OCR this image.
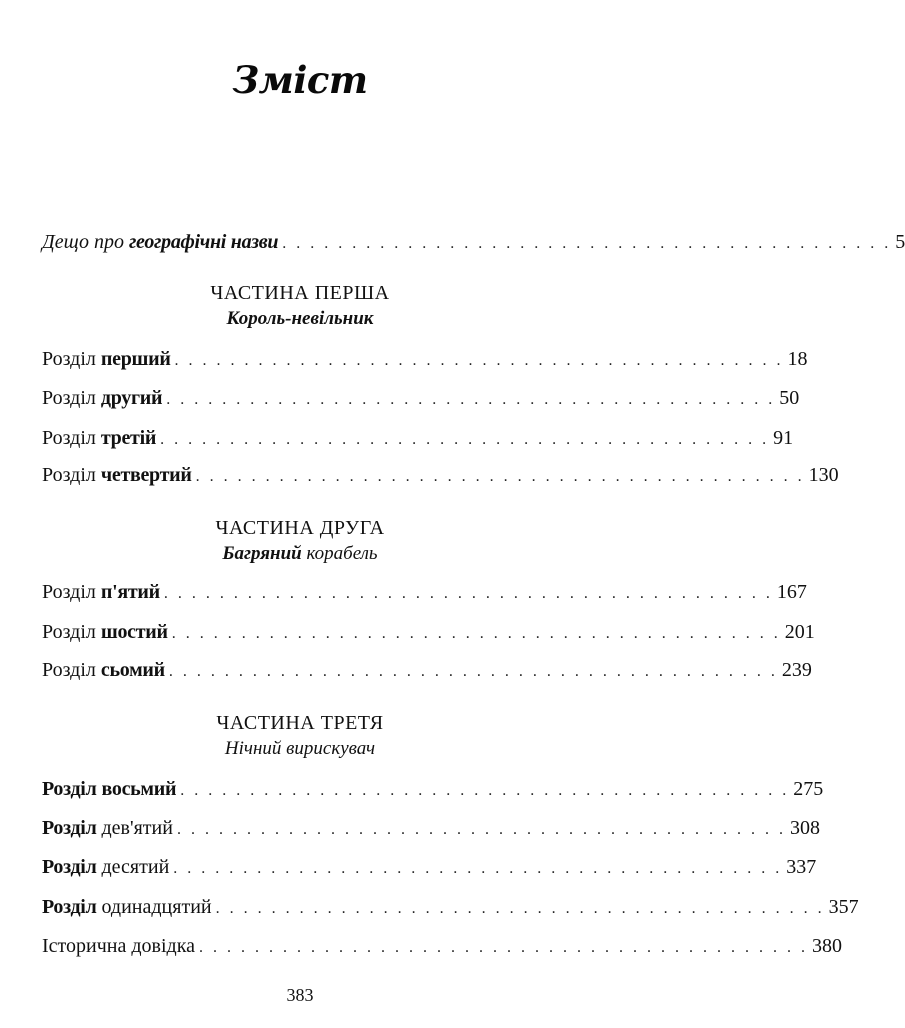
Зміст
Дещо про географічні назви . . . . . . . . . . . . . . . . . . . . . . . . . . . . . . . . . . . . . . . . . . . . 5
ЧАСТИНА ПЕРША
Король-невільник
Розділ перший . . . . . . . . . . . . . . . . . . . . . . . . . . . . . . . . . . . . . . . . . . . . 18
Розділ другий . . . . . . . . . . . . . . . . . . . . . . . . . . . . . . . . . . . . . . . . . . . . 50
Розділ третій . . . . . . . . . . . . . . . . . . . . . . . . . . . . . . . . . . . . . . . . . . . . 91
Розділ четвертий . . . . . . . . . . . . . . . . . . . . . . . . . . . . . . . . . . . . . . . . . . . . 130
ЧАСТИНА ДРУГА
Багряний корабель
Розділ п'ятий . . . . . . . . . . . . . . . . . . . . . . . . . . . . . . . . . . . . . . . . . . . . 167
Розділ шостий . . . . . . . . . . . . . . . . . . . . . . . . . . . . . . . . . . . . . . . . . . . . 201
Розділ сьомий . . . . . . . . . . . . . . . . . . . . . . . . . . . . . . . . . . . . . . . . . . . . 239
ЧАСТИНА ТРЕТЯ
Нічний вирискувач
Розділ восьмий . . . . . . . . . . . . . . . . . . . . . . . . . . . . . . . . . . . . . . . . . . . . 275
Розділ дев'ятий . . . . . . . . . . . . . . . . . . . . . . . . . . . . . . . . . . . . . . . . . . . . 308
Розділ десятий . . . . . . . . . . . . . . . . . . . . . . . . . . . . . . . . . . . . . . . . . . . . 337
Розділ одинадцятий . . . . . . . . . . . . . . . . . . . . . . . . . . . . . . . . . . . . . . . . . . . . 357
Історична довідка . . . . . . . . . . . . . . . . . . . . . . . . . . . . . . . . . . . . . . . . . . . . 380
383
